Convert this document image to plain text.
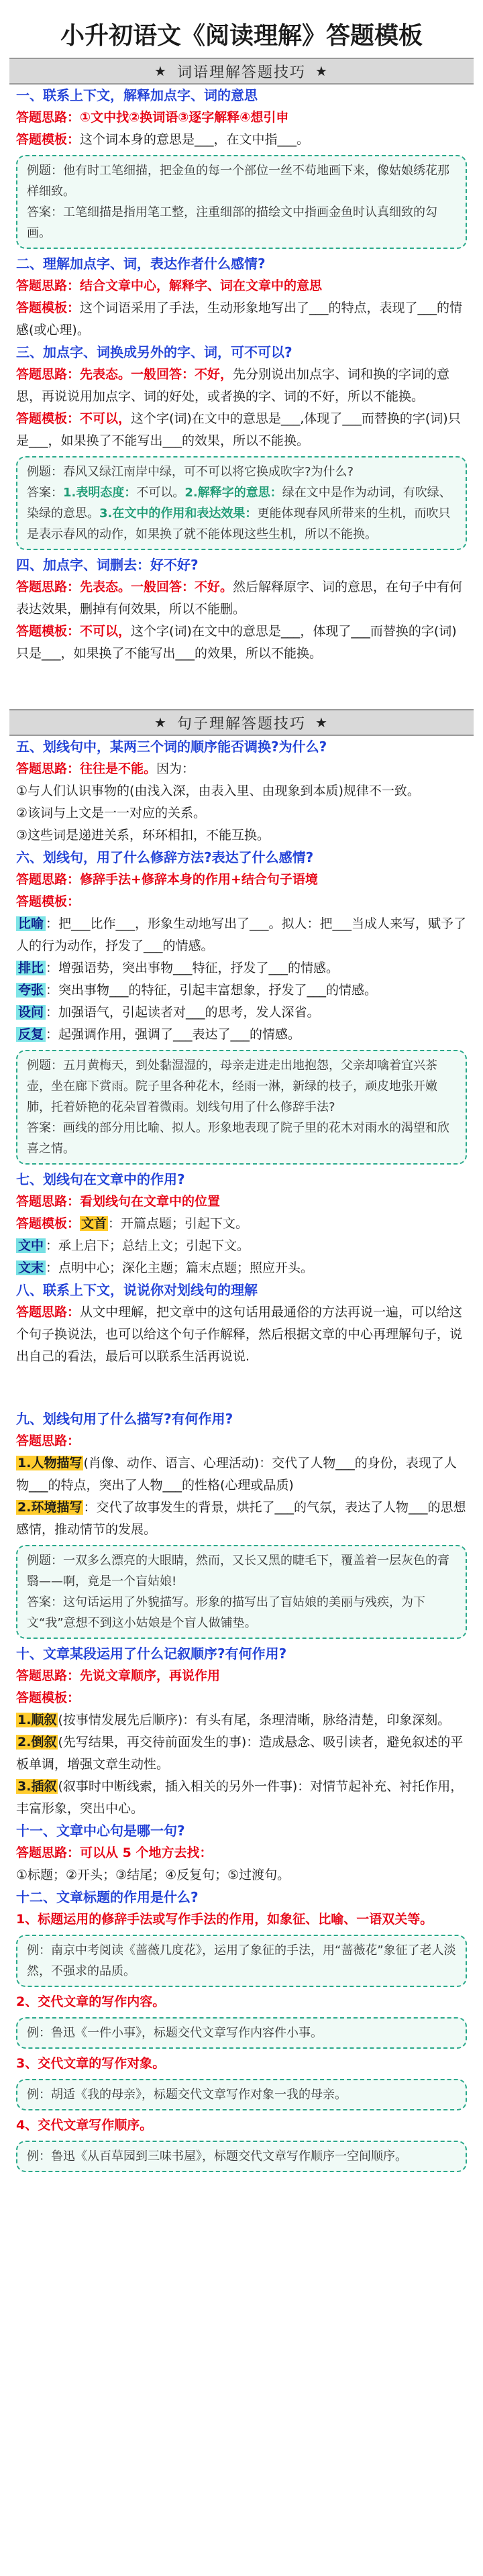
小升初语文《阅读理解》答题模板
★ 词语理解答题技巧 ★
一、联系上下文，解释加点字、词的意思
答题思路：①文中找②换词语③逐字解释④想引申
答题模板：这个词本身的意思是___，在文中指___。
例题：他有时工笔细描，把金鱼的每一个部位一丝不苟地画下来，像姑娘绣花那样细致。
答案：工笔细描是指用笔工整，注重细部的描绘文中指画金鱼时认真细致的勾画。
二、理解加点字、词，表达作者什么感情?
答题思路：结合文章中心，解释字、词在文章中的意思
答题模板：这个词语采用了手法，生动形象地写出了___的特点，表现了___的情感(或心理)。
三、加点字、词换成另外的字、词，可不可以?
答题思路：先表态。一般回答：不好，先分别说出加点字、词和换的字词的意思，再说说用加点字、词的好处，或者换的字、词的不好，所以不能换。
答题模板：不可以，这个字(词)在文中的意思是___,体现了___而替换的字(词)只是___，如果换了不能写出___的效果，所以不能换。
例题：春风又绿江南岸中绿，可不可以将它换成吹字?为什么?
答案：1.表明态度：不可以。2.解释字的意思：绿在文中是作为动词，有吹绿、染绿的意思。3.在文中的作用和表达效果：更能体现春风所带来的生机，而吹只是表示春风的动作，如果换了就不能体现这些生机，所以不能换。
四、加点字、词删去：好不好?
答题思路：先表态。一般回答：不好。然后解释原字、词的意思，在句子中有何表达效果，删掉有何效果，所以不能删。
答题模板：不可以，这个字(词)在文中的意思是___，体现了___而替换的字(词)只是___，如果换了不能写出___的效果，所以不能换。
★ 句子理解答题技巧 ★
五、划线句中，某两三个词的顺序能否调换?为什么?
答题思路：往往是不能。因为：
①与人们认识事物的(由浅入深，由表入里、由现象到本质)规律不一致。
②该词与上文是一一对应的关系。
③这些词是递进关系，环环相扣，不能互换。
六、划线句，用了什么修辞方法?表达了什么感情?
答题思路：修辞手法+修辞本身的作用+结合句子语境
答题模板：
比喻 ：把___比作___，形象生动地写出了___。拟人：把___当成人来写，赋予了人的行为动作，抒发了___的情感。
排比 ：增强语势，突出事物___特征，抒发了___的情感。
夸张 ：突出事物___的特征，引起丰富想象，抒发了___的情感。
设问 ：加强语气，引起读者对___的思考，发人深省。
反复 ：起强调作用，强调了___表达了___的情感。
例题：五月黄梅天，到处黏湿湿的，母亲走进走出地抱怨，父亲却噙着宜兴茶壶，坐在廊下赏雨。院子里各种花木，经雨一淋，新绿的枝子，顽皮地张开嫩肺，托着娇艳的花朵冒着微雨。划线句用了什么修辞手法?
答案：画线的部分用比喻、拟人。形象地表现了院子里的花木对雨水的渴望和欣喜之情。
七、划线句在文章中的作用?
答题思路：看划线句在文章中的位置
答题模板： 文首 ：开篇点题；引起下文。
文中 ：承上启下；总结上文；引起下文。
文末 ：点明中心；深化主题；篇末点题；照应开头。
八、联系上下文，说说你对划线句的理解
答题思路：从文中理解，把文章中的这句话用最通俗的方法再说一遍，可以给这个句子换说法，也可以给这个句子作解释，然后根据文章的中心再理解句子，说出自己的看法，最后可以联系生活再说说.
九、划线句用了什么描写?有何作用?
答题思路：
1.人物描写 (肖像、动作、语言、心理活动)：交代了人物___的身份，表现了人物___的特点，突出了人物___的性格(心理或品质)
2.环境描写 ：交代了故事发生的背景，烘托了___的气氛，表达了人物___的思想感情，推动情节的发展。
例题：一双多么漂亮的大眼睛，然而，又长又黑的睫毛下，覆盖着一层灰色的膏翳——啊，竟是一个盲姑娘!
答案：这句话运用了外貌描写。形象的描写出了盲姑娘的美丽与残疾，为下文“我”意想不到这小姑娘是个盲人做铺垫。
十、文章某段运用了什么记叙顺序?有何作用?
答题思路：先说文章顺序，再说作用
答题模板：
1.顺叙 (按事情发展先后顺序)：有头有尾，条理清晰，脉络清楚，印象深刻。
2.倒叙 (先写结果，再交待前面发生的事)：造成悬念、吸引读者，避免叙述的平板单调，增强文章生动性。
3.插叙 (叙事时中断线索，插入相关的另外一件事)：对情节起补充、衬托作用，丰富形象，突出中心。
十一、文章中心句是哪一句?
答题思路：可以从 5 个地方去找：
①标题；②开头；③结尾；④反复句；⑤过渡句。
十二、文章标题的作用是什么?
1、标题运用的修辞手法或写作手法的作用，如象征、比喻、一语双关等。
例：南京中考阅读《蔷薇几度花》，运用了象征的手法，用“蔷薇花”象征了老人淡然，不强求的品质。
2、交代文章的写作内容。
例：鲁迅《一件小事》，标题交代文章写作内容件小事。
3、交代文章的写作对象。
例：胡适《我的母亲》，标题交代文章写作对象一我的母亲。
4、交代文章写作顺序。
例：鲁迅《从百草园到三味书屋》，标题交代文章写作顺序一空间顺序。
